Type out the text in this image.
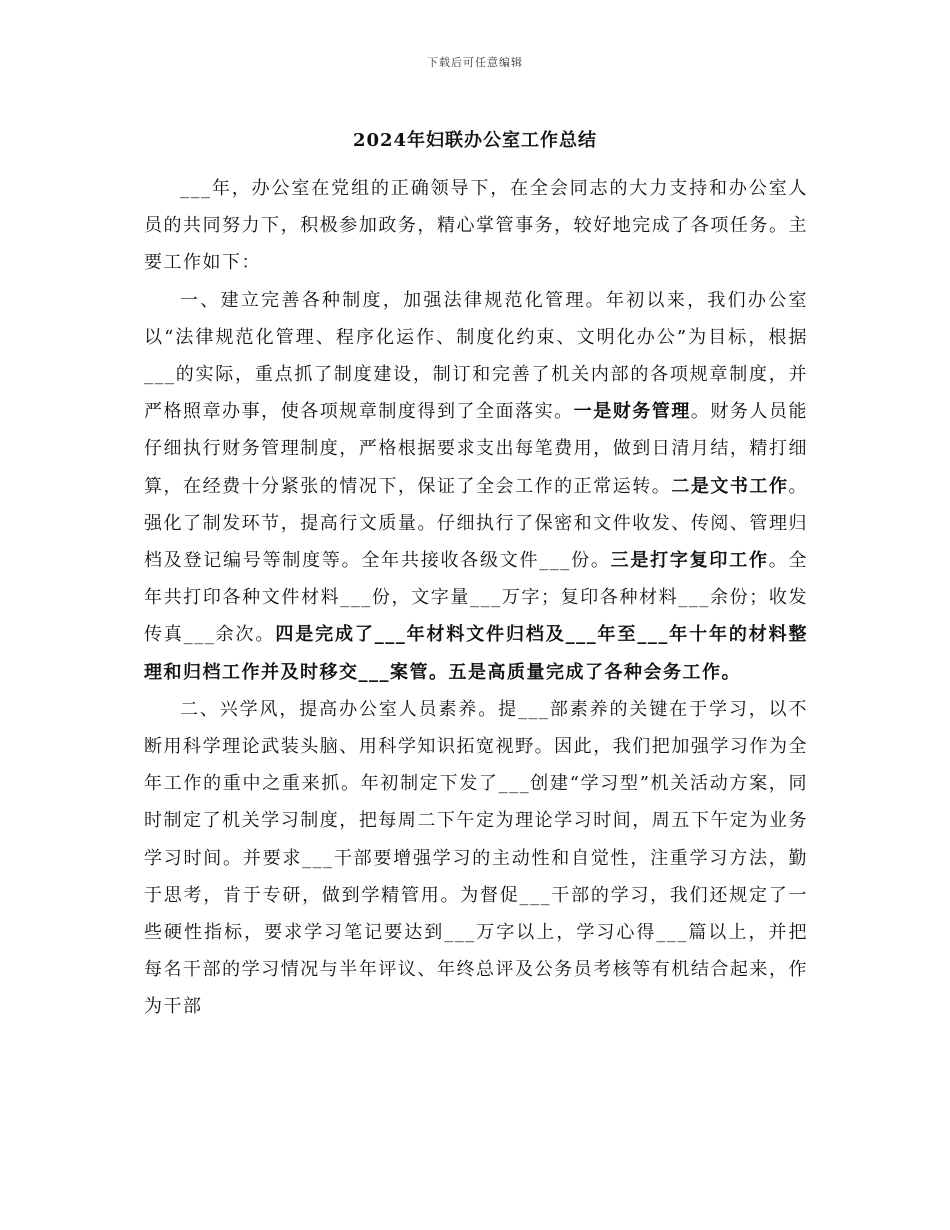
下载后可任意编辑
2024年妇联办公室工作总结

___年，办公室在党组的正确领导下，在全会同志的大力支持和办公室人员的共同努力下，积极参加政务，精心掌管事务，较好地完成了各项任务。主要工作如下：

一、建立完善各种制度，加强法律规范化管理。年初以来，我们办公室以“法律规范化管理、程序化运作、制度化约束、文明化办公”为目标，根据___的实际，重点抓了制度建设，制订和完善了机关内部的各项规章制度，并严格照章办事，使各项规章制度得到了全面落实。一是财务管理。财务人员能仔细执行财务管理制度，严格根据要求支出每笔费用，做到日清月结，精打细算，在经费十分紧张的情况下，保证了全会工作的正常运转。二是文书工作。强化了制发环节，提高行文质量。仔细执行了保密和文件收发、传阅、管理归档及登记编号等制度等。全年共接收各级文件___份。三是打字复印工作。全年共打印各种文件材料___份，文字量___万字；复印各种材料___余份；收发传真___余次。四是完成了___年材料文件归档及___年至___年十年的材料整理和归档工作并及时移交___案管。五是高质量完成了各种会务工作。

二、兴学风，提高办公室人员素养。提___部素养的关键在于学习，以不断用科学理论武装头脑、用科学知识拓宽视野。因此，我们把加强学习作为全年工作的重中之重来抓。年初制定下发了___创建“学习型”机关活动方案，同时制定了机关学习制度，把每周二下午定为理论学习时间，周五下午定为业务学习时间。并要求___干部要增强学习的主动性和自觉性，注重学习方法，勤于思考，肯于专研，做到学精管用。为督促___干部的学习，我们还规定了一些硬性指标，要求学习笔记要达到___万字以上，学习心得___篇以上，并把每名干部的学习情况与半年评议、年终总评及公务员考核等有机结合起来，作为干部
